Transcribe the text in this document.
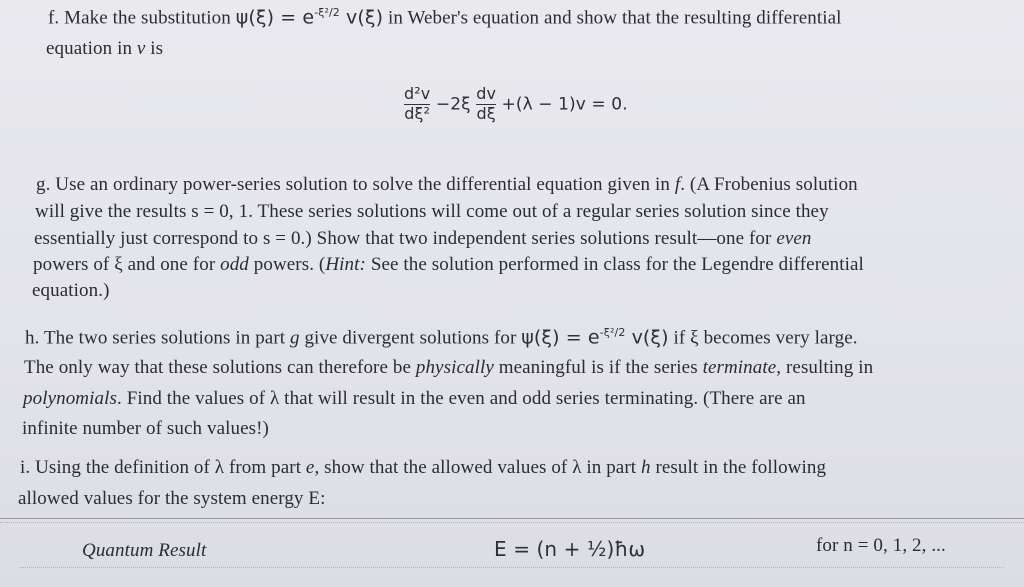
f. Make the substitution $\psi(\xi) = e^{-\xi^2/2}$ v(ξ) in Weber's equation and show that the resulting differential
equation in v is
$\frac{\text{d²v}}{\text{dξ²}} -2\xi \frac{dv}{d\xi} +(\lambda - 1)v = 0$.
g. Use an ordinary power-series solution to solve the differential equation given in f. (A Frobenius solution
will give the results s = 0, 1. These series solutions will come out of a regular series solution since they
essentially just correspond to s = 0.) Show that two independent series solutions result—one for even
powers of ξ and one for odd powers. (Hint: See the solution performed in class for the Legendre differential
equation.)
h. The two series solutions in part g give divergent solutions for $\psi(\xi) = e^{-\xi^2/2}$ v(ξ) if ξ becomes very large.
The only way that these solutions can therefore be physically meaningful is if the series terminate, resulting in
polynomials. Find the values of λ that will result in the even and odd series terminating. (There are an
infinite number of such values!)
i. Using the definition of λ from part e, show that the allowed values of λ in part h result in the following
allowed values for the system energy E:
Quantum Result	E = (n + ½)ħω	for n = 0, 1, 2, ...
